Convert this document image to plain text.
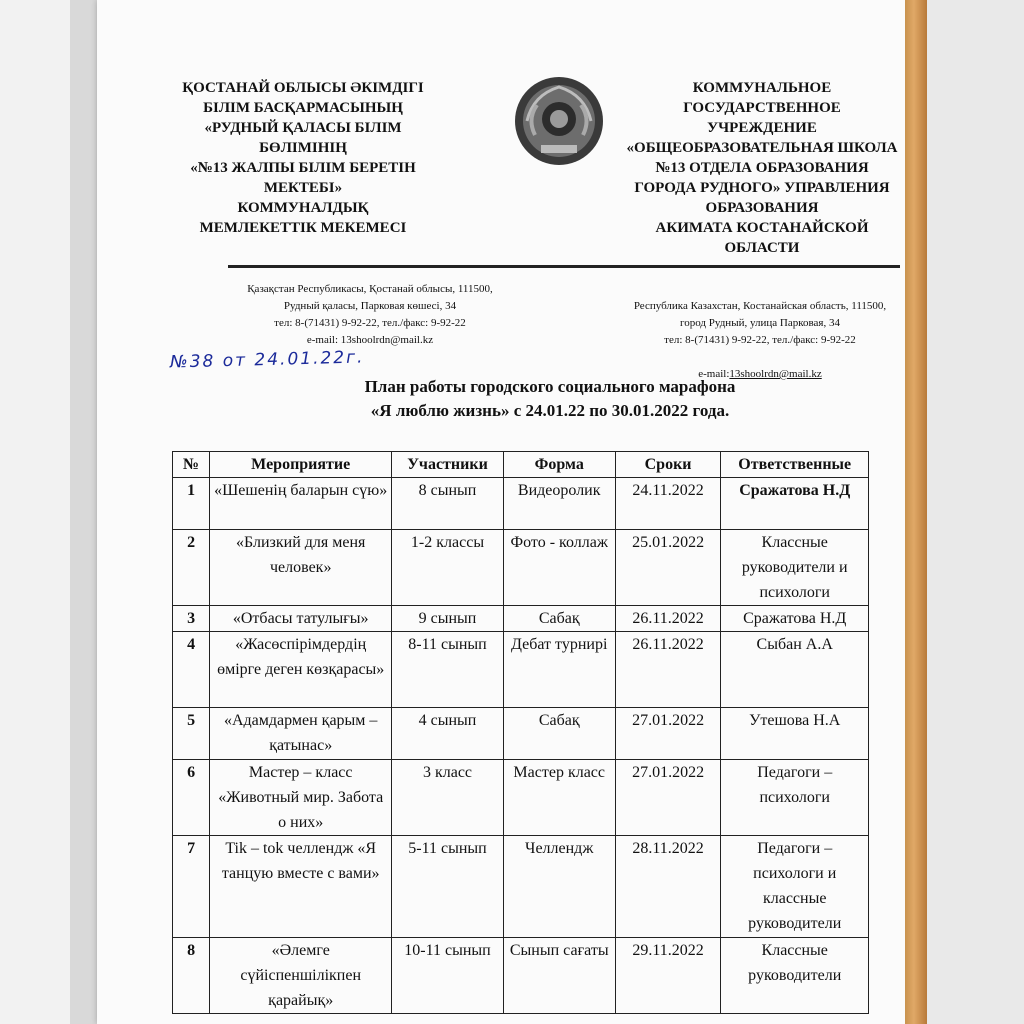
ҚОСТАНАЙ ОБЛЫСЫ ӘКІМДІГІ
БІЛІМ БАСҚАРМАСЫНЫҢ
«РУДНЫЙ ҚАЛАСЫ БІЛІМ
БӨЛІМІНІҢ
«№13 ЖАЛПЫ БІЛІМ БЕРЕТІН
МЕКТЕБІ»
КОММУНАЛДЫҚ
МЕМЛЕКЕТТІК МЕКЕМЕСІ
КОММУНАЛЬНОЕ
ГОСУДАРСТВЕННОЕ
УЧРЕЖДЕНИЕ
«ОБЩЕОБРАЗОВАТЕЛЬНАЯ ШКОЛА
№13 ОТДЕЛА ОБРАЗОВАНИЯ
ГОРОДА РУДНОГО» УПРАВЛЕНИЯ
ОБРАЗОВАНИЯ
АКИМАТА КОСТАНАЙСКОЙ
ОБЛАСТИ
Қазақстан Республикасы, Қостанай облысы, 111500,
Рудный қаласы, Парковая көшесі, 34
тел: 8-(71431) 9-92-22, тел./факс: 9-92-22
e-mail: 13shoolrdn@mail.kz

Республика Казахстан, Костанайская область, 111500,
город Рудный, улица Парковая, 34
тел: 8-(71431) 9-92-22, тел./факс: 9-92-22

e-mail:13shoolrdn@mail.kz

№38 от 24.01.22г.
План работы городского социального марафона
«Я люблю жизнь» с 24.01.22 по 30.01.2022 года.
№	Мероприятие	Участники	Форма	Сроки	Ответственные
1	«Шешенің баларын сүю»	8 сынып	Видеоролик	24.11.2022	Сражатова Н.Д
2	«Близкий для меня человек»	1-2 классы	Фото - коллаж	25.01.2022	Классные руководители и психологи
3	«Отбасы татулығы»	9 сынып	Сабақ	26.11.2022	Сражатова Н.Д
4	«Жасөспірімдердің өмірге деген көзқарасы»	8-11 сынып	Дебат турнирі	26.11.2022	Сыбан А.А
5	«Адамдармен қарым – қатынас»	4 сынып	Сабақ	27.01.2022	Утешова Н.А
6	Мастер – класс «Животный мир. Забота о них»	3 класс	Мастер класс	27.01.2022	Педагоги – психологи
7	Tik – tok челлендж «Я танцую вместе с вами»	5-11 сынып	Челлендж	28.11.2022	Педагоги – психологи и классные руководители
8	«Әлемге сүйіспеншілікпен қарайық»	10-11 сынып	Сынып сағаты	29.11.2022	Классные руководители
